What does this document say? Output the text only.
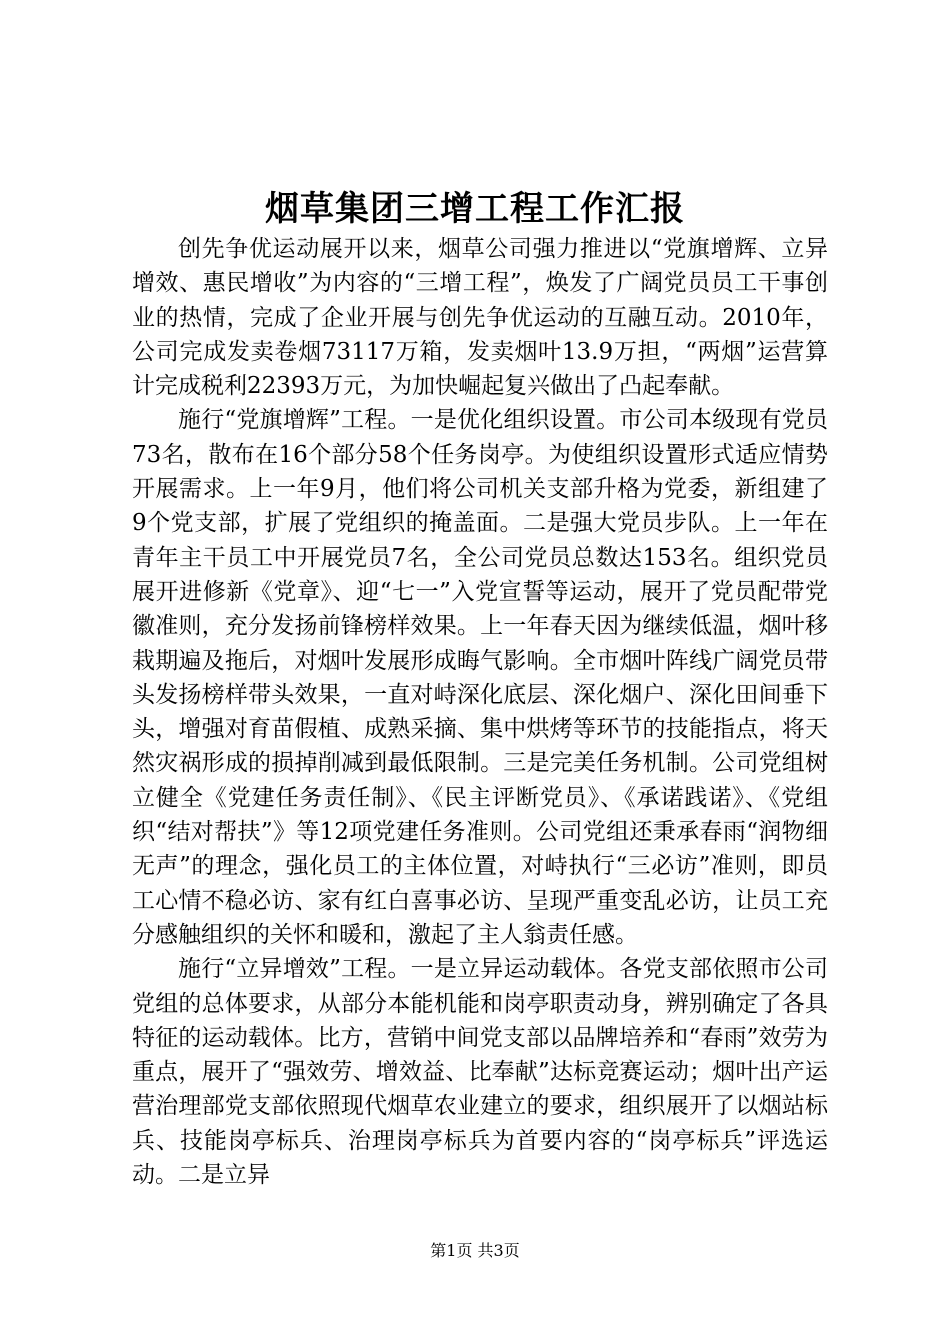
烟草集团三增工程工作汇报

创先争优运动展开以来，烟草公司强力推进以“党旗增辉、立异增效、惠民增收”为内容的“三增工程”，焕发了广阔党员员工干事创业的热情，完成了企业开展与创先争优运动的互融互动。2010年，公司完成发卖卷烟73117万箱，发卖烟叶13.9万担，“两烟”运营算计完成税利22393万元，为加快崛起复兴做出了凸起奉献。

施行“党旗增辉”工程。一是优化组织设置。市公司本级现有党员73名，散布在16个部分58个任务岗亭。为使组织设置形式适应情势开展需求。上一年9月，他们将公司机关支部升格为党委，新组建了9个党支部，扩展了党组织的掩盖面。二是强大党员步队。上一年在青年主干员工中开展党员7名，全公司党员总数达153名。组织党员展开进修新《党章》、迎“七一”入党宣誓等运动，展开了党员配带党徽准则，充分发扬前锋榜样效果。上一年春天因为继续低温，烟叶移栽期遍及拖后，对烟叶发展形成晦气影响。全市烟叶阵线广阔党员带头发扬榜样带头效果，一直对峙深化底层、深化烟户、深化田间垂下头，增强对育苗假植、成熟采摘、集中烘烤等环节的技能指点，将天然灾祸形成的损掉削减到最低限制。三是完美任务机制。公司党组树立健全《党建任务责任制》、《民主评断党员》、《承诺践诺》、《党组织“结对帮扶”》等12项党建任务准则。公司党组还秉承春雨“润物细无声”的理念，强化员工的主体位置，对峙执行“三必访”准则，即员工心情不稳必访、家有红白喜事必访、呈现严重变乱必访，让员工充分感触组织的关怀和暖和，激起了主人翁责任感。

施行“立异增效”工程。一是立异运动载体。各党支部依照市公司党组的总体要求，从部分本能机能和岗亭职责动身，辨别确定了各具特征的运动载体。比方，营销中间党支部以品牌培养和“春雨”效劳为重点，展开了“强效劳、增效益、比奉献”达标竞赛运动；烟叶出产运营治理部党支部依照现代烟草农业建立的要求，组织展开了以烟站标兵、技能岗亭标兵、治理岗亭标兵为首要内容的“岗亭标兵”评选运动。二是立异

第1页 共3页
